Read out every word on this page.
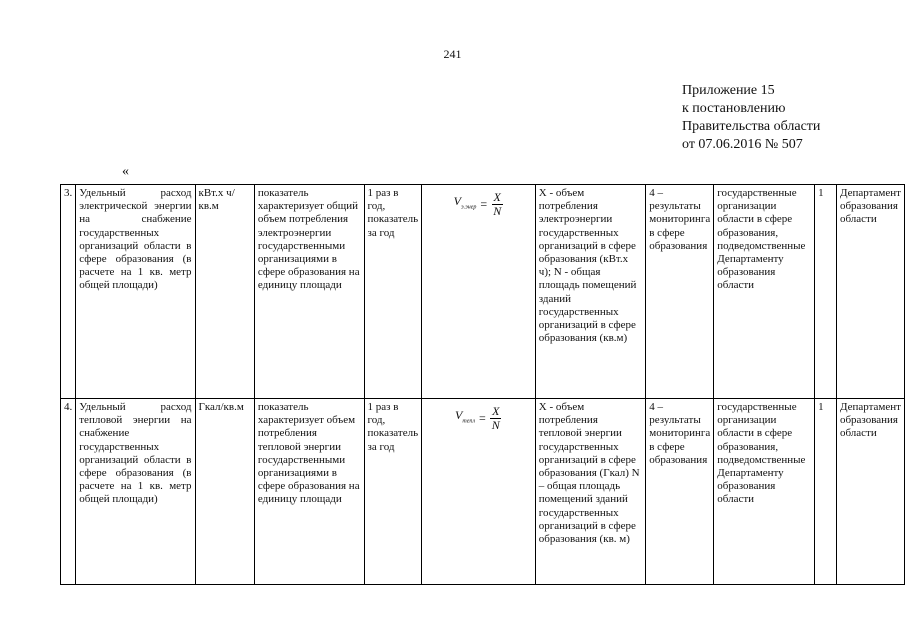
241
Приложение 15
к постановлению
Правительства области
от 07.06.2016 № 507
«
3.	Удельный расход электрической энергии на снабжение государственных организаций области в сфере образования (в расчете на 1 кв. метр общей площади)	кВт.х ч/кв.м	показатель характеризует общий объем потребления электроэнергии государственными организациями в сфере образования на единицу площади	1 раз в год, показатель за год	$V_{э.энер} = \frac{X}{N}$	X - объем потребления электроэнергии государственных организаций в сфере образования (кВт.х ч); N - общая площадь помещений зданий государственных организаций в сфере образования (кв.м)	4 – результаты мониторинга в сфере образования	государственные организации области в сфере образования, подведомственные Департаменту образования области	1	Департамент образования области
4.	Удельный расход тепловой энергии на снабжение государственных организаций области в сфере образования (в расчете на 1 кв. метр общей площади)	Гкал/кв.м	показатель характеризует объем потребления тепловой энергии государственными организациями в сфере образования на единицу площади	1 раз в год, показатель за год	$V_{тепл} = \frac{X}{N}$	X - объем потребления тепловой энергии государственных организаций в сфере образования (Гкал) N – общая площадь помещений зданий государственных организаций в сфере образования (кв. м)	4 – результаты мониторинга в сфере образования	государственные организации области в сфере образования, подведомственные Департаменту образования области	1	Департамент образования области
